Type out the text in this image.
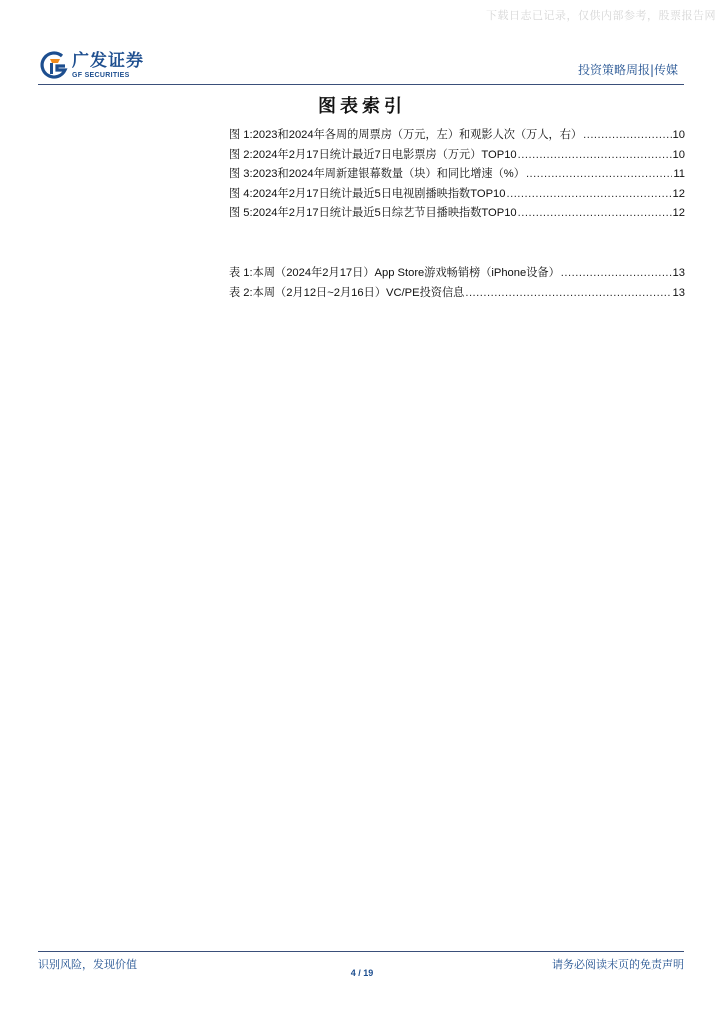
下载日志已记录，仅供内部参考，股票报告网
广发证券
GF SECURITIES	投资策略周报|传媒
图表索引
图 1: 2023和2024年各周的周票房（万元，左）和观影人次（万人，右） .....	10
图 2: 2024年2月17日统计最近7日电影票房（万元）TOP10 .....	10
图 3: 2023和2024年周新建银幕数量（块）和同比增速（%） .....	11
图 4: 2024年2月17日统计最近5日电视剧播映指数TOP10 .....	12
图 5: 2024年2月17日统计最近5日综艺节目播映指数TOP10 .....	12
表 1: 本周（2024年2月17日）App Store游戏畅销榜（iPhone设备） .....	13
表 2: 本周（2月12日~2月16日）VC/PE投资信息 .....	13
识别风险，发现价值	请务必阅读末页的免责声明
4 / 19
